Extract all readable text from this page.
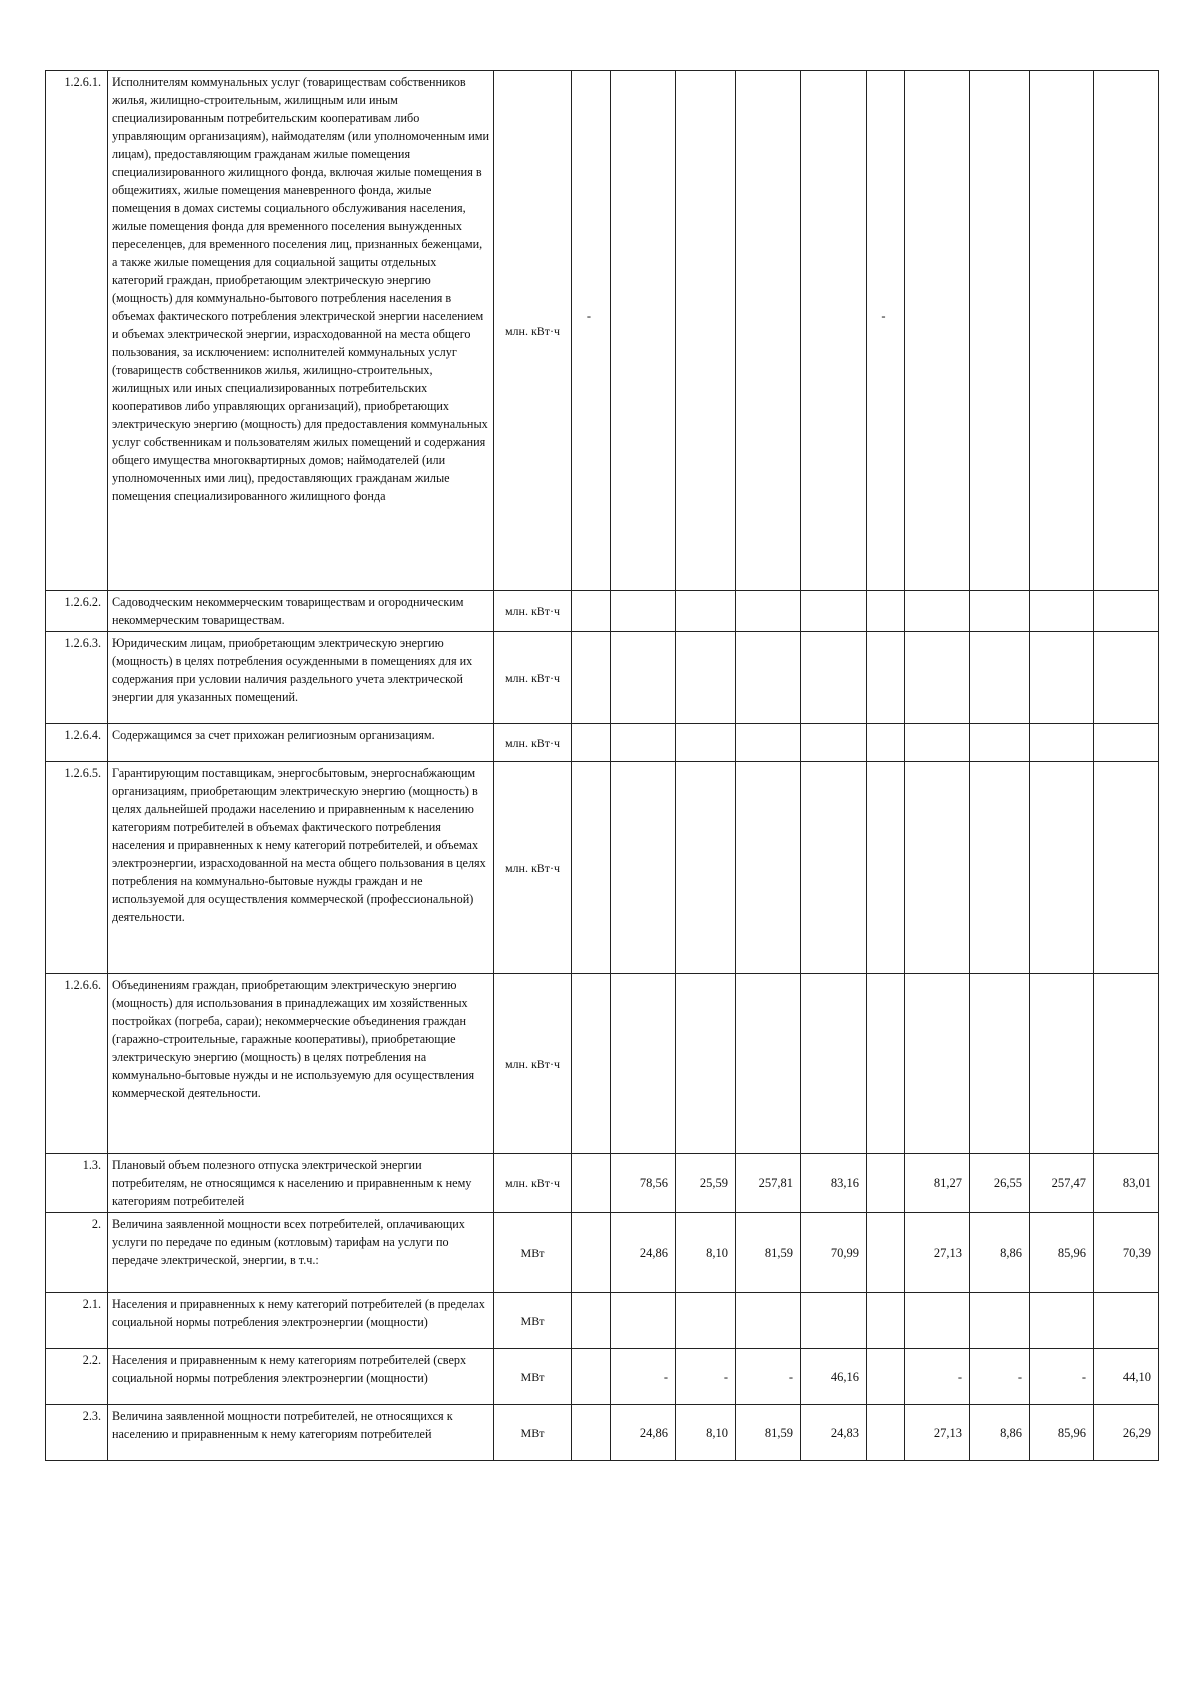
1.2.6.1.	Исполнителям коммунальных услуг (товариществам собственников жилья, жилищно-строительным, жилищным или иным специализированным потребительским кооперативам либо управляющим организациям), наймодателям (или уполномоченным ими лицам), предоставляющим гражданам жилые помещения специализированного жилищного фонда, включая жилые помещения в общежитиях, жилые помещения маневренного фонда, жилые помещения в домах системы социального обслуживания населения, жилые помещения фонда для временного поселения вынужденных переселенцев, для временного поселения лиц, признанных беженцами, а также жилые помещения для социальной защиты отдельных категорий граждан, приобретающим электрическую энергию (мощность) для коммунально-бытового потребления населения в объемах фактического потребления электрической энергии населением и объемах электрической энергии, израсходованной на места общего пользования, за исключением: исполнителей коммунальных услуг (товариществ собственников жилья, жилищно-строительных, жилищных или иных специализированных потребительских кооперативов либо управляющих организаций), приобретающих электрическую энергию (мощность) для предоставления коммунальных услуг собственникам и пользователям жилых помещений и содержания общего имущества многоквартирных домов; наймодателей (или уполномоченных ими лиц), предоставляющих гражданам жилые помещения специализированного жилищного фонда	млн. кВт·ч	-					-				
1.2.6.2.	Садоводческим некоммерческим товариществам и огородническим некоммерческим товариществам.	млн. кВт·ч										
1.2.6.3.	Юридическим лицам, приобретающим электрическую энергию (мощность) в целях потребления осужденными в помещениях для их содержания при условии наличия раздельного учета электрической энергии для указанных помещений.	млн. кВт·ч										
1.2.6.4.	Содержащимся за счет прихожан религиозным организациям.	млн. кВт·ч										
1.2.6.5.	Гарантирующим поставщикам, энергосбытовым, энергоснабжающим организациям, приобретающим электрическую энергию (мощность) в целях дальнейшей продажи населению и приравненным к населению категориям потребителей в объемах фактического потребления населения и приравненных к нему категорий потребителей, и объемах электроэнергии, израсходованной на места общего пользования в целях потребления на коммунально-бытовые нужды граждан и не используемой для осуществления коммерческой (профессиональной) деятельности.	млн. кВт·ч										
1.2.6.6.	Объединениям граждан, приобретающим электрическую энергию (мощность) для использования в принадлежащих им хозяйственных постройках (погреба, сараи); некоммерческие объединения граждан (гаражно-строительные, гаражные кооперативы), приобретающие электрическую энергию (мощность) в целях потребления на коммунально-бытовые нужды и не используемую для осуществления коммерческой деятельности.	млн. кВт·ч										
1.3.	Плановый объем полезного отпуска электрической энергии потребителям, не относящимся к населению и приравненным к нему категориям потребителей	млн. кВт·ч		78,56	25,59	257,81	83,16		81,27	26,55	257,47	83,01
2.	Величина заявленной мощности всех потребителей, оплачивающих услуги по передаче по единым (котловым) тарифам на услуги по передаче электрической, энергии, в т.ч.:	МВт		24,86	8,10	81,59	70,99		27,13	8,86	85,96	70,39
2.1.	Населения и приравненных к нему категорий потребителей (в пределах социальной нормы потребления электроэнергии (мощности)	МВт										
2.2.	Населения и приравненным к нему категориям потребителей (сверх социальной нормы потребления электроэнергии (мощности)	МВт		-	-	-	46,16		-	-	-	44,10
2.3.	Величина заявленной мощности потребителей, не относящихся к населению и приравненным к нему категориям потребителей	МВт		24,86	8,10	81,59	24,83		27,13	8,86	85,96	26,29
